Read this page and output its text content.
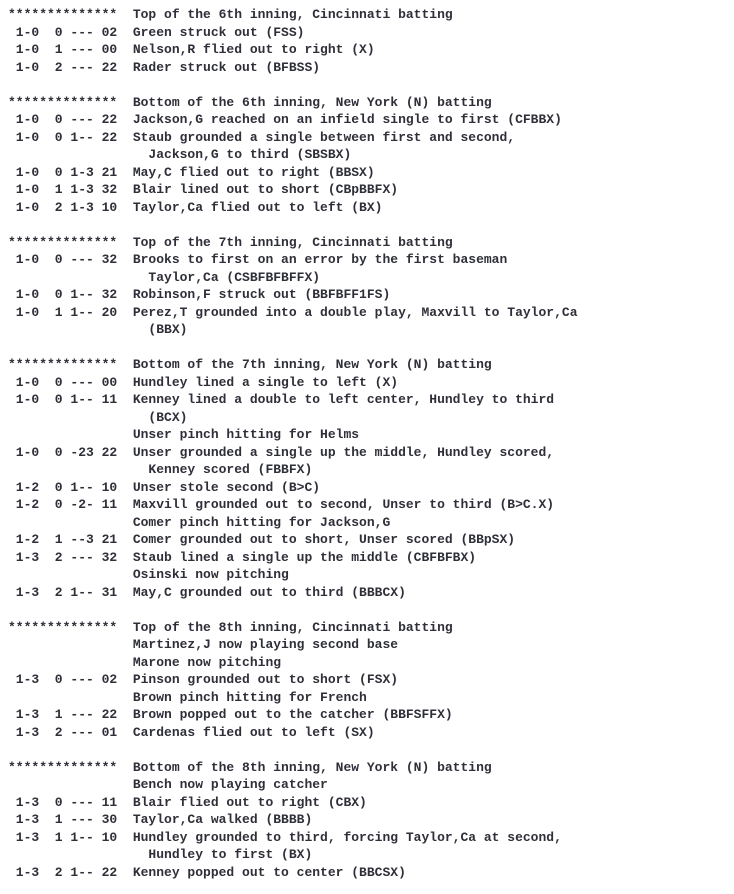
**************  Top of the 6th inning, Cincinnati batting
1-0  0 --- 02  Green struck out (FSS)
1-0  1 --- 00  Nelson,R flied out to right (X)
1-0  2 --- 22  Rader struck out (BFBSS)
**************  Bottom of the 6th inning, New York (N) batting
1-0  0 --- 22  Jackson,G reached on an infield single to first (CFBBX)
1-0  0 1-- 22  Staub grounded a single between first and second,
Jackson,G to third (SBSBX)
1-0  0 1-3 21  May,C flied out to right (BBSX)
1-0  1 1-3 32  Blair lined out to short (CBpBBFX)
1-0  2 1-3 10  Taylor,Ca flied out to left (BX)
**************  Top of the 7th inning, Cincinnati batting
1-0  0 --- 32  Brooks to first on an error by the first baseman
Taylor,Ca (CSBFBFBFFX)
1-0  0 1-- 32  Robinson,F struck out (BBFBFF1FS)
1-0  1 1-- 20  Perez,T grounded into a double play, Maxvill to Taylor,Ca
(BBX)
**************  Bottom of the 7th inning, New York (N) batting
1-0  0 --- 00  Hundley lined a single to left (X)
1-0  0 1-- 11  Kenney lined a double to left center, Hundley to third
(BCX)
Unser pinch hitting for Helms
1-0  0 -23 22  Unser grounded a single up the middle, Hundley scored,
Kenney scored (FBBFX)
1-2  0 1-- 10  Unser stole second (B>C)
1-2  0 -2- 11  Maxvill grounded out to second, Unser to third (B>C.X)
Comer pinch hitting for Jackson,G
1-2  1 --3 21  Comer grounded out to short, Unser scored (BBpSX)
1-3  2 --- 32  Staub lined a single up the middle (CBFBFBX)
Osinski now pitching
1-3  2 1-- 31  May,C grounded out to third (BBBCX)
**************  Top of the 8th inning, Cincinnati batting
Martinez,J now playing second base
Marone now pitching
1-3  0 --- 02  Pinson grounded out to short (FSX)
Brown pinch hitting for French
1-3  1 --- 22  Brown popped out to the catcher (BBFSFFX)
1-3  2 --- 01  Cardenas flied out to left (SX)
**************  Bottom of the 8th inning, New York (N) batting
Bench now playing catcher
1-3  0 --- 11  Blair flied out to right (CBX)
1-3  1 --- 30  Taylor,Ca walked (BBBB)
1-3  1 1-- 10  Hundley grounded to third, forcing Taylor,Ca at second,
Hundley to first (BX)
1-3  2 1-- 22  Kenney popped out to center (BBCSX)
